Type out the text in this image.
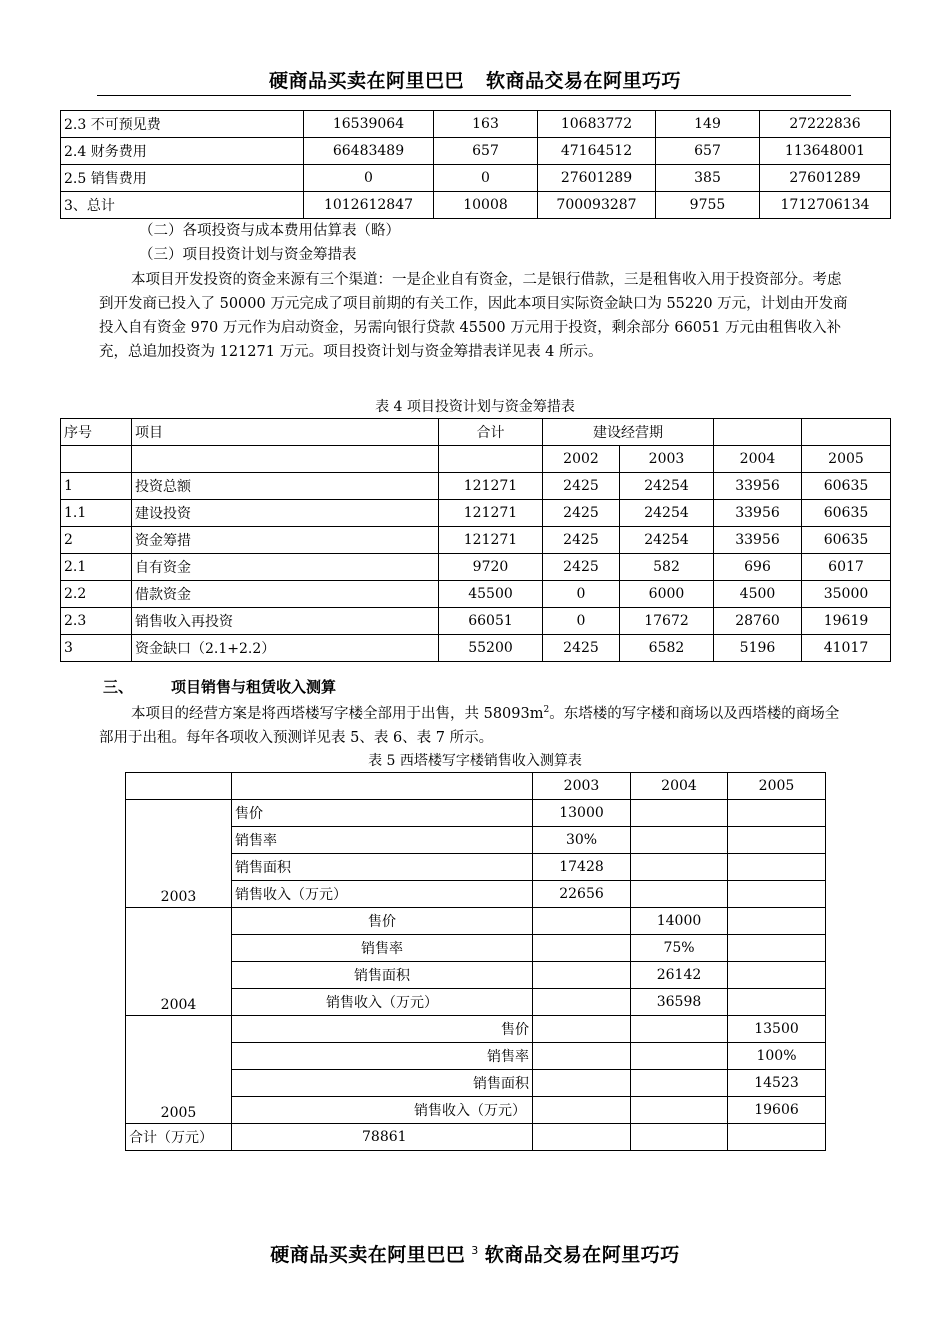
硬商品买卖在阿里巴巴 软商品交易在阿里巧巧
2.3 不可预见费	16539064	163	10683772	149	27222836
2.4 财务费用	66483489	657	47164512	657	113648001
2.5 销售费用	0	0	27601289	385	27601289
3、总计	1012612847	10008	700093287	9755	1712706134
（二）各项投资与成本费用估算表（略）
（三）项目投资计划与资金筹措表
本项目开发投资的资金来源有三个渠道：一是企业自有资金，二是银行借款，三是租售收入用于投资部分。考虑到开发商已投入了 50000 万元完成了项目前期的有关工作，因此本项目实际资金缺口为 55220 万元，计划由开发商投入自有资金 970 万元作为启动资金，另需向银行贷款 45500 万元用于投资，剩余部分 66051 万元由租售收入补充，总追加投资为 121271 万元。项目投资计划与资金筹措表详见表 4 所示。
表 4 项目投资计划与资金筹措表
序号	项目	合计	建设经营期			
			2002	2003	2004	2005
1	投资总额	121271	2425	24254	33956	60635
1.1	建设投资	121271	2425	24254	33956	60635
2	资金筹措	121271	2425	24254	33956	60635
2.1	自有资金	9720	2425	582	696	6017
2.2	借款资金	45500	0	6000	4500	35000
2.3	销售收入再投资	66051	0	17672	28760	19619
3	资金缺口（2.1+2.2）	55200	2425	6582	5196	41017
三、	项目销售与租赁收入测算
本项目的经营方案是将西塔楼写字楼全部用于出售，共 $58093m^2$。东塔楼的写字楼和商场以及西塔楼的商场全部用于出租。每年各项收入预测详见表 5、表 6、表 7 所示。
表 5 西塔楼写字楼销售收入测算表
		2003	2004	2005
2003	售价	13000		
	销售率	30%		
	销售面积	17428		
	销售收入（万元）	22656		
2004	售价		14000	
	销售率		75%	
	销售面积		26142	
	销售收入（万元）		36598	
2005	售价			13500
	销售率			100%
	销售面积			14523
	销售收入（万元）			19606
合计（万元）	78861			
硬商品买卖在阿里巴巴 $^3$ 软商品交易在阿里巧巧
